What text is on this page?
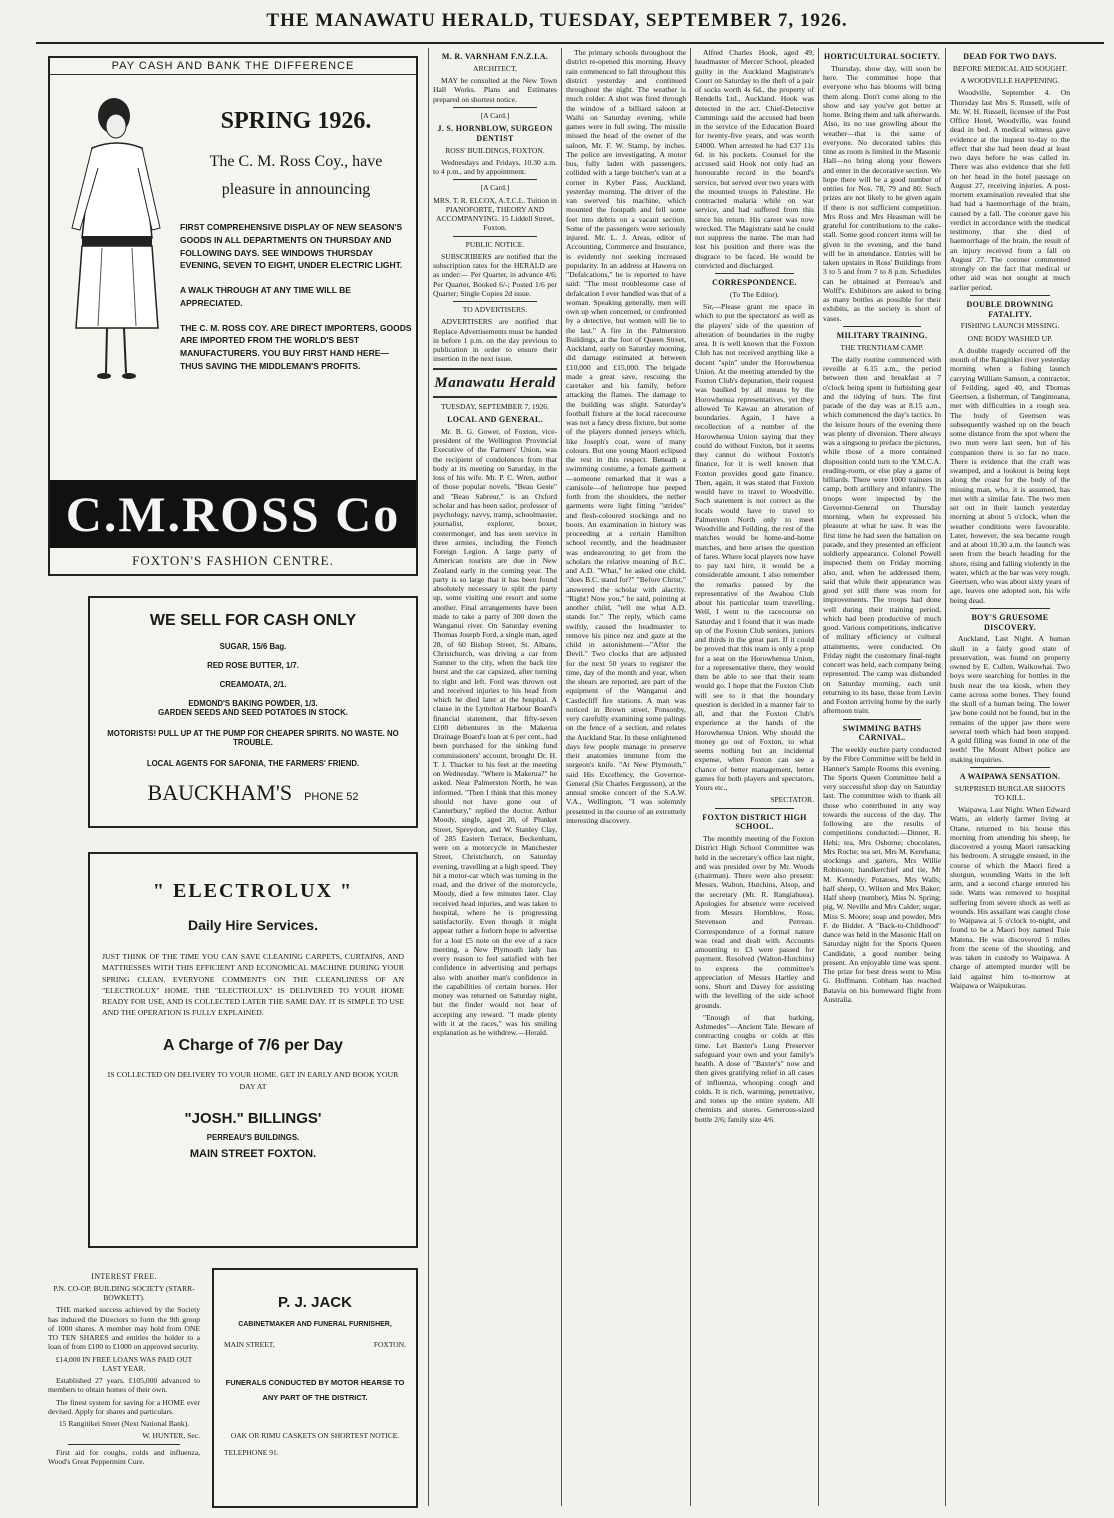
THE MANAWATU HERALD, TUESDAY, SEPTEMBER 7, 1926.
PAY CASH AND BANK THE DIFFERENCE
SPRING 1926.
The C. M. Ross Coy., have
pleasure in announcing
FIRST COMPREHENSIVE DISPLAY OF NEW SEASON'S GOODS IN ALL DEPARTMENTS ON THURSDAY AND FOLLOWING DAYS. SEE WINDOWS THURSDAY EVENING, SEVEN TO EIGHT, UNDER ELECTRIC LIGHT.
A WALK THROUGH AT ANY TIME WILL BE APPRECIATED.
THE C. M. ROSS COY. ARE DIRECT IMPORTERS, GOODS ARE IMPORTED FROM THE WORLD'S BEST MANUFACTURERS. YOU BUY FIRST HAND HERE—THUS SAVING THE MIDDLEMAN'S PROFITS.
C.M.ROSS Co
FOXTON'S FASHION CENTRE.
WE SELL FOR CASH ONLY
SUGAR, 15/6 Bag.
RED ROSE BUTTER, 1/7.
CREAMOATA, 2/1.
EDMOND'S BAKING POWDER, 1/3.
GARDEN SEEDS AND SEED POTATOES IN STOCK.
MOTORISTS! PULL UP AT THE PUMP FOR CHEAPER SPIRITS. NO WASTE. NO TROUBLE.
LOCAL AGENTS FOR SAFONIA, THE FARMERS' FRIEND.
BAUCKHAM'S PHONE 52
" ELECTROLUX "
Daily Hire Services.
JUST THINK OF THE TIME YOU CAN SAVE CLEANING CARPETS, CURTAINS, AND MATTRESSES WITH THIS EFFICIENT AND ECONOMICAL MACHINE DURING YOUR SPRING CLEAN. EVERYONE COMMENTS ON THE CLEANLINESS OF AN "ELECTROLUX" HOME. THE "ELECTROLUX" IS DELIVERED TO YOUR HOME READY FOR USE, AND IS COLLECTED LATER THE SAME DAY. IT IS SIMPLE TO USE AND THE OPERATION IS FULLY EXPLAINED.
A Charge of 7/6 per Day
IS COLLECTED ON DELIVERY TO YOUR HOME. GET IN EARLY AND BOOK YOUR DAY AT
"JOSH." BILLINGS'
PERREAU'S BUILDINGS.
MAIN STREET FOXTON.
INTEREST FREE.
P.N. CO-OP. BUILDING SOCIETY (STARR-BOWKETT).

THE marked success achieved by the Society has induced the Directors to form the 9th group of 1000 shares. A member may hold from ONE TO TEN SHARES and entitles the holder to a loan of from £100 to £1000 on approved security.

£14,000 IN FREE LOANS WAS PAID OUT LAST YEAR.

Established 27 years. £105,000 advanced to members to obtain homes of their own.

The finest system for saving for a HOME ever devised. Apply for shares and particulars.

15 Rangitikei Street (Next National Bank).
W. HUNTER, Sec.

First aid for coughs, colds and influenza, Wood's Great Peppermint Cure.

P. J. JACK
CABINETMAKER AND FUNERAL FURNISHER,
MAIN STREET,	FOXTON.
FUNERALS CONDUCTED BY MOTOR HEARSE TO ANY PART OF THE DISTRICT.
OAK OR RIMU CASKETS ON SHORTEST NOTICE.
TELEPHONE 91.
M. R. VARNHAM F.N.Z.I.A.
ARCHITECT,

MAY be consulted at the New Town Hall Works. Plans and Estimates prepared on shortest notice.

[A Card.]
J. S. HORNBLOW, SURGEON DENTIST
ROSS' BUILDINGS, FOXTON.

Wednesdays and Fridays, 10.30 a.m. to 4 p.m., and by appointment.

[A Card.]

MRS. T. R. ELCOX, A.T.C.L. Tuition in PIANOFORTE, THEORY AND ACCOMPANYING. 15 Liddell Street, Foxton.

PUBLIC NOTICE.

SUBSCRIBERS are notified that the subscription rates for the HERALD are as under:— Per Quarter, in advance 4/6; Per Quarter, Booked 6/-; Posted 1/6 per Quarter; Single Copies 2d issue.

TO ADVERTISERS.

ADVERTISERS are notified that Replace Advertisements must be handed in before 1 p.m. on the day previous to publication in order to ensure their insertion in the next issue.

Manawatu Herald
TUESDAY, SEPTEMBER 7, 1926.
LOCAL AND GENERAL.

Mr. B. G. Gower, of Foxton, vice-president of the Wellington Provincial Executive of the Farmers' Union, was the recipient of condolences from that body at its meeting on Saturday, in the loss of his wife. Mr. P. C. Wren, author of those popular novels, "Beau Geste" and "Beau Sabreur," is an Oxford scholar and has been sailor, professor of psychology, navvy, tramp, schoolmaster, journalist, explorer, boxer, costermonger, and has seen service in three armies, including the French Foreign Legion. A large party of American tourists are due in New Zealand early in the coming year. The party is so large that it has been found absolutely necessary to split the party up, some visiting one resort and some another. Final arrangements have been made to take a party of 300 down the Wanganui river. On Saturday evening Thomas Joseph Ford, a single man, aged 28, of 60 Bishop Street, St. Albans, Christchurch, was driving a car from Sumner to the city, when the back tire burst and the car capsized, after turning to right and left. Ford was thrown out and received injuries to his head from which he died later at the hospital. A clause in the Lyttelton Harbour Board's financial statement, that fifty-seven £100 debentures in the Makerua Drainage Board's loan at 6 per cent., had been purchased for the sinking fund commissioners' account, brought Dr. H. T. J. Thacker to his feet at the meeting on Wednesday. "Where is Makerua?" he asked. Near Palmerston North, he was informed. "Then I think that this money should not have gone out of Canterbury," replied the doctor. Arthur Moody, single, aged 20, of Plunket Street, Spreydon, and W. Stanley Clay, of 285 Eastern Terrace, Beckenham, were on a motorcycle in Manchester Street, Christchurch, on Saturday evening, travelling at a high speed. They hit a motor-car which was turning in the road, and the driver of the motorcycle, Moody, died a few minutes later. Clay received head injuries, and was taken to hospital, where he is progressing satisfactorily. Even though it might appear rather a forlorn hope to advertise for a lost £5 note on the eve of a race meeting, a New Plymouth lady has every reason to feel satisfied with her confidence in advertising and perhaps also with another man's confidence in the capabilities of certain horses. Her money was returned on Saturday night, but the finder would not hear of accepting any reward. "I made plenty with it at the races," was his smiling explanation as he withdrew.—Herald.

The primary schools throughout the district re-opened this morning. Heavy rain commenced to fall throughout this district yesterday and continued throughout the night. The weather is much colder. A shot was fired through the window of a billiard saloon at Waihi on Saturday evening, while games were in full swing. The missile missed the head of the owner of the saloon, Mr. F. W. Stamp, by inches. The police are investigating. A motor bus, fully laden with passengers, collided with a large butcher's van at a corner in Kyber Pass, Auckland, yesterday morning. The driver of the van swerved his machine, which mounted the footpath and fell some feet into debris on a vacant section. Some of the passengers were seriously injured. Mr. L. J. Areas, editor of Accounting, Commerce and Insurance, is evidently not seeking increased popularity. In an address at Hawera on "Defalcations," he is reported to have said: "The most troublesome case of defalcation I ever handled was that of a woman. Speaking generally, men will own up when concerned, or confronted by a detective, but women will lie to the last." A fire in the Palmerston Buildings, at the foot of Queen Street, Auckland, early on Saturday morning, did damage estimated at between £10,000 and £15,000. The brigade made a great save, rescuing the caretaker and his family, before attacking the flames. The damage to the building was slight. Saturday's football fixture at the local racecourse was not a fancy dress fixture, but some of the players donned jerseys which, like Joseph's coat, were of many colours. But one young Maori eclipsed the rest in this respect. Beneath a swimming costume, a female garment—someone remarked that it was a camisole—of heliotrope hue peeped forth from the shoulders, the nether garments were light fitting "strides" and flesh-coloured stockings and no boots. An examination in history was proceeding at a certain Hamilton school recently, and the headmaster was endeavouring to get from the scholars the relative meaning of B.C. and A.D. "What," he asked one child, "does B.C. stand for?" "Before Christ," answered the scholar with alacrity. "Right! Now you," he said, pointing at another child, "tell me what A.D. stands for." The reply, which came swiftly, caused the headmaster to remove his pince nez and gaze at the child in astonishment—"After the Devil." Two clocks that are adjusted for the next 50 years to register the time, day of the month and year, when the shears are reported, are part of the equipment of the Wanganui and Castlecliff fire stations. A man was noticed in Brown street, Ponsonby, very carefully examining some palings on the fence of a section, and relates the Auckland Star. In these enlightened days few people manage to preserve their anatomies immune from the surgeon's knife. "At New Plymouth," said His Excellency, the Governor-General (Sir Charles Fergusson), at the annual smoke concert of the S.A.W. V.A., Wellington, "I was solemnly presented in the course of an extremely interesting discovery.

Alfred Charles Hook, aged 49, headmaster of Mercer School, pleaded guilty in the Auckland Magistrate's Court on Saturday to the theft of a pair of socks worth 4s 6d., the property of Rendells Ltd., Auckland. Hook was detected in the act. Chief-Detective Cummings said the accused had been in the service of the Education Board for twenty-five years, and was worth £4000. When arrested he had £37 11s 6d. in his pockets. Counsel for the accused said Hook not only had an honourable record in the board's service, but served over two years with the mounted troops in Palestine. He contracted malaria while on war service, and had suffered from this since his return. His career was now wrecked. The Magistrate said he could not suppress the name. The man had lost his position and there was the disgrace to be faced. He would be convicted and discharged.

CORRESPONDENCE.
(To The Editor).

Sir,—Please grant me space in which to put the spectators' as well as the players' side of the question of alteration of boundaries in the rugby area. It is well known that the Foxton Club has not received anything like a decent "spin" under the Horowhenua Union. At the meeting attended by the Foxton Club's deputation, their request was baulked by all means by the Horowhenua representatives, yet they allowed Te Kawau an alteration of boundaries. Again, I have a recollection of a number of the Horowhenua Union saying that they could do without Foxton, but it seems they cannot do without Foxton's finance, for it is well known that Foxton provides good gate finance. Then, again, it was stated that Foxton would have to travel to Woodville. Such statement is not correct as the locals would have to travel to Palmerston North only to meet Woodville and Feilding, the rest of the matches would be home-and-home matches, and here arises the question of fares. Where local players now have to pay taxi hire, it would be a considerable amount. I also remember the remarks passed by the representative of the Awahou Club about his particular team travelling. Well, I went to the racecourse on Saturday and I found that it was made up of the Foxton Club seniors, juniors and thirds in the great part. If it could be proved that this team is only a prop for a seat on the Horowhenua Union, for a representative there, they would then be able to see that their team would go. I hope that the Foxton Club will see to it that the boundary question is decided in a manner fair to all, and that the Foxton Club's experience at the hands of the Horowhenua Union. Why should the money go out of Foxton, to what seems nothing but an incidental expense, when Foxton can see a chance of better management, better games for both players and spectators, Yours etc.,

SPECTATOR.
FOXTON DISTRICT HIGH SCHOOL.

The monthly meeting of the Foxton District High School Committee was held in the secretary's office last night, and was presided over by Mr. Woods (chairman). There were also present: Messrs. Walton, Hutchins, Alsop, and the secretary (Mr. R. Rangiahuea). Apologies for absence were received from Messrs Hornblow, Ross, Stevenson and Perreau. Correspondence of a formal nature was read and dealt with. Accounts amounting to £3 were passed for payment. Resolved (Walton-Hutchins) to express the committee's appreciation of Messrs Hartley and sons, Short and Davey for assisting with the levelling of the side school grounds.

"Enough of that barking, Ashmedes"—Ancient Tale. Beware of contracting coughs or colds at this time. Let Baxter's Lung Preserver safeguard your own and your family's health. A dose of "Baxter's" now and then gives gratifying relief in all cases of influenza, whooping cough and colds. It is rich, warming, penetrative, and tones up the entire system. All chemists and stores. Generous-sized bottle 2/6; family size 4/6.

HORTICULTURAL SOCIETY.

Thursday, show day, will soon be here. The committee hope that everyone who has blooms will bring them along. Don't come along to the show and say you've got better at home. Bring them and talk afterwards. Also, its no use growling about the weather—that is the same of everyone. No decorated tables this time as room is limited in the Masonic Hall—no bring along your flowers and enter in the decorative section. We hope there will be a good number of entries for Nos. 78, 79 and 80. Such prizes are not likely to be given again if there is not sufficient competition. Mrs Ross and Mrs Heasman will be grateful for contributions to the cake-stall. Some good concert items will be given in the evening, and the band will be in attendance. Entries will be taken upstairs in Ross' Buildings from 3 to 5 and from 7 to 8 p.m. Schedules can be obtained at Perreau's and Wolff's. Exhibitors are asked to bring as many bottles as possible for their exhibits, as the society is short of vases.

MILITARY TRAINING.
THE TRENTHAM CAMP.

The daily routine commenced with reveille at 6.15 a.m., the period between then and breakfast at 7 o'clock being spent in furbishing gear and the tidying of huts. The first parade of the day was at 8.15 a.m., which commenced the day's tactics. In the leisure hours of the evening there was plenty of diversion. There always was a singsong to preface the pictures, while those of a more contained disposition could turn to the Y.M.C.A. reading-room, or else play a game of billiards. There were 1000 trainees in camp, both artillery and infantry. The troops were inspected by the Governor-General on Thursday morning, when he expressed his pleasure at what he saw. It was the first time he had seen the battalion on parade, and they presented an efficient soldierly appearance. Colonel Powell inspected them on Friday morning also, and, when he addressed them, said that while their appearance was good yet still there was room for improvements. The troops had done well during their training period, which had been productive of much good. Various competitions, indicative of military efficiency or cultural attainments, were conducted. On Friday night the customary final-night concert was held, each company being represented. The camp was disbanded on Saturday morning, each unit returning to its base, those from Levin and Foxton arriving home by the early afternoon train.

SWIMMING BATHS CARNIVAL.

The weekly euchre party conducted by the Fibre Committee will be held in Hanner's Sample Rooms this evening. The Sports Queen Committee held a very successful shop day on Saturday last. The committee wish to thank all those who contributed in any way towards the success of the day. The following are the results of competitions conducted:—Dinner, R. Hehi; tea, Mrs Osborne; chocolates, Mrs Roche; tea set, Mrs M. Kerehana; stockings and garters, Mrs Willie Robinson; handkerchief and tie, Mr M. Kennedy; Potatoes, Mrs Walls; half sheep, O. Wilson and Mrs Baker; Half sheep (number), Miss N. Spring; pig, W. Neville and Mrs Calder; sugar, Miss S. Moore; soap and powder, Mrs F. de Bidder. A "Back-to-Childhood" dance was held in the Masonic Hall on Saturday night for the Sports Queen Candidate, a good number being present. An enjoyable time was spent. The prize for best dress went to Miss G. Hoffmann. Cobham has reached Batavia on his homeward flight from Australia.

DEAD FOR TWO DAYS.
BEFORE MEDICAL AID SOUGHT.
A WOODVILLE HAPPENING.

Woodville, September 4. On Thursday last Mrs S. Russell, wife of Mr. W. H. Russell, licensee of the Post Office Hotel, Woodville, was found dead in bed. A medical witness gave evidence at the inquest to-day to the effect that she had been dead at least two days before he was called in. There was also evidence that she fell on her head in the hotel passage on August 27, receiving injuries. A post-mortem examination revealed that she had had a haemorrhage of the brain, caused by a fall. The coroner gave his verdict in accordance with the medical testimony, that she died of haemorrhage of the brain, the result of an injury received from a fall on August 27. The coroner commented strongly on the fact that medical or other aid was not sought at much earlier period.

DOUBLE DROWNING FATALITY.
FISHING LAUNCH MISSING.
ONE BODY WASHED UP.

A double tragedy occurred off the mouth of the Rangitikei river yesterday morning when a fishing launch carrying William Samson, a contractor, of Feilding, aged 40, and Thomas Geertsen, a fisherman, of Tangimoana, met with difficulties in a rough sea. The body of Geertsen was subsequently washed up on the beach some distance from the spot where the two men were last seen, but of his companion there is so far no trace. There is evidence that the craft was swamped, and a lookout is being kept along the coast for the body of the missing man, who, it is assumed, has met with a similar fate. The two men set out in their launch yesterday morning at about 5 o'clock, when the weather conditions were favourable. Later, however, the sea became rough and at about 10.30 a.m. the launch was seen from the beach heading for the shore, rising and falling violently in the water, which at the bar was very rough. Geertsen, who was about sixty years of age, leaves one adopted son, his wife being dead.

BOY'S GRUESOME DISCOVERY.

Auckland, Last Night. A human skull in a fairly good state of preservation, was found on property owned by E. Cullen, Waikowhai. Two boys were searching for bottles in the bush near the tea kiosk, when they came across some bones. They found the skull of a human being. The lower jaw bone could not be found, but in the remains of the upper jaw there were several teeth which had been stopped. A gold filling was found in one of the teeth! The Mount Albert police are making inquiries.

A WAIPAWA SENSATION.
SURPRISED BURGLAR SHOOTS TO KILL.

Waipawa, Last Night. When Edward Watts, an elderly farmer living at Otane, returned to his house this morning from attending his sheep, he discovered a young Maori ransacking his bedroom. A struggle ensued, in the course of which the Maori fired a shotgun, wounding Watts in the left arm, and a second charge entered his side. Watts was removed to hospital suffering from severe shock as well as wounds. His assailant was caught close to Waipawa at 5 o'clock to-night, and found to be a Maori boy named Tuie Matena. He was discovered 5 miles from the scene of the shooting, and was taken in custody to Waipawa. A charge of attempted murder will be laid against him to-morrow at Waipawa or Waipukurau.
